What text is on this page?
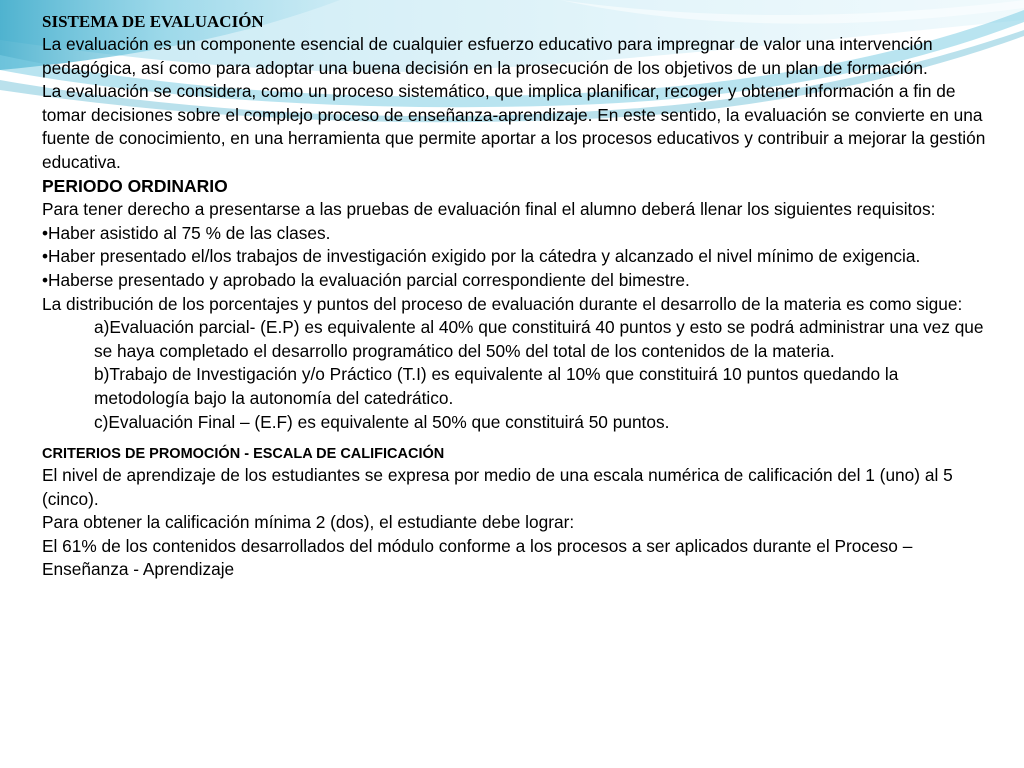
SISTEMA DE EVALUACIÓN

La evaluación es un componente esencial de cualquier esfuerzo educativo para impregnar de valor una intervención pedagógica, así como para adoptar una buena decisión en la prosecución de los objetivos de un plan de formación.

La evaluación se considera, como un proceso sistemático, que implica planificar, recoger y obtener información a fin de tomar decisiones sobre el complejo proceso de enseñanza-aprendizaje. En este sentido, la evaluación se convierte en una fuente de conocimiento, en una herramienta que permite aportar a los procesos educativos y contribuir a mejorar la gestión educativa.

PERIODO ORDINARIO

Para tener derecho a presentarse a las pruebas de evaluación final el alumno deberá llenar los siguientes requisitos:

•Haber asistido al 75 % de las clases.

•Haber presentado el/los trabajos de investigación exigido por la cátedra y alcanzado el nivel mínimo de exigencia.

•Haberse presentado y aprobado la evaluación parcial correspondiente del bimestre.

La distribución de los porcentajes y puntos del proceso de evaluación durante el desarrollo de la materia es como sigue:

a)Evaluación parcial- (E.P) es equivalente al 40% que constituirá 40 puntos y esto se podrá administrar una vez que se haya completado el desarrollo programático del 50% del total de los contenidos de la materia.

b)Trabajo de Investigación y/o Práctico (T.I) es equivalente al 10% que constituirá 10 puntos quedando la metodología bajo la autonomía del catedrático.

c)Evaluación Final – (E.F) es equivalente al 50% que constituirá 50 puntos.

CRITERIOS DE PROMOCIÓN - ESCALA DE CALIFICACIÓN

El nivel de aprendizaje de los estudiantes se expresa por medio de una escala numérica de calificación del 1 (uno) al 5 (cinco).

Para obtener la calificación mínima 2 (dos), el estudiante debe lograr:

El 61% de los contenidos desarrollados del módulo conforme a los procesos a ser aplicados durante el Proceso – Enseñanza - Aprendizaje
